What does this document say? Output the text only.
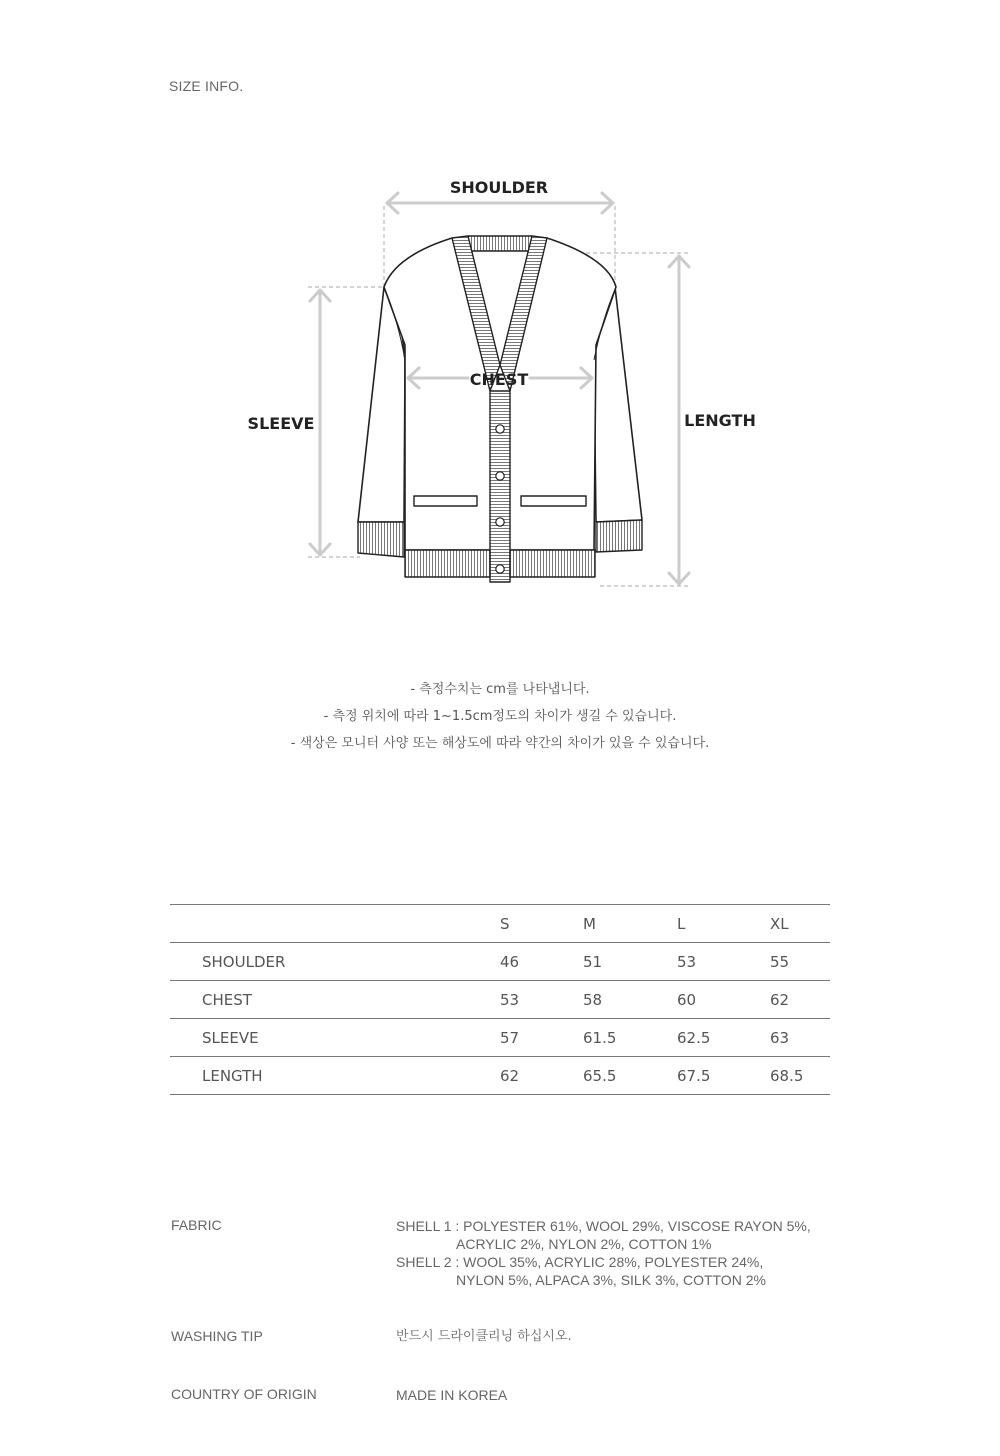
SIZE INFO.
SHOULDER
CHEST
SLEEVE	LENGTH
- 측정수치는 cm를 나타냅니다.
- 측정 위치에 따라 1~1.5cm정도의 차이가 생길 수 있습니다.
- 색상은 모니터 사양 또는 해상도에 따라 약간의 차이가 있을 수 있습니다.
	S	M	L	XL
SHOULDER	46	51	53	55
CHEST	53	58	60	62
SLEEVE	57	61.5	62.5	63
LENGTH	62	65.5	67.5	68.5
FABRIC	SHELL 1 : POLYESTER 61%, WOOL 29%, VISCOSE RAYON 5%,
ACRYLIC 2%, NYLON 2%, COTTON 1%
SHELL 2 : WOOL 35%, ACRYLIC 28%, POLYESTER 24%,
NYLON 5%, ALPACA 3%, SILK 3%, COTTON 2%
WASHING TIP	반드시 드라이클리닝 하십시오.
COUNTRY OF ORIGIN	MADE IN KOREA
